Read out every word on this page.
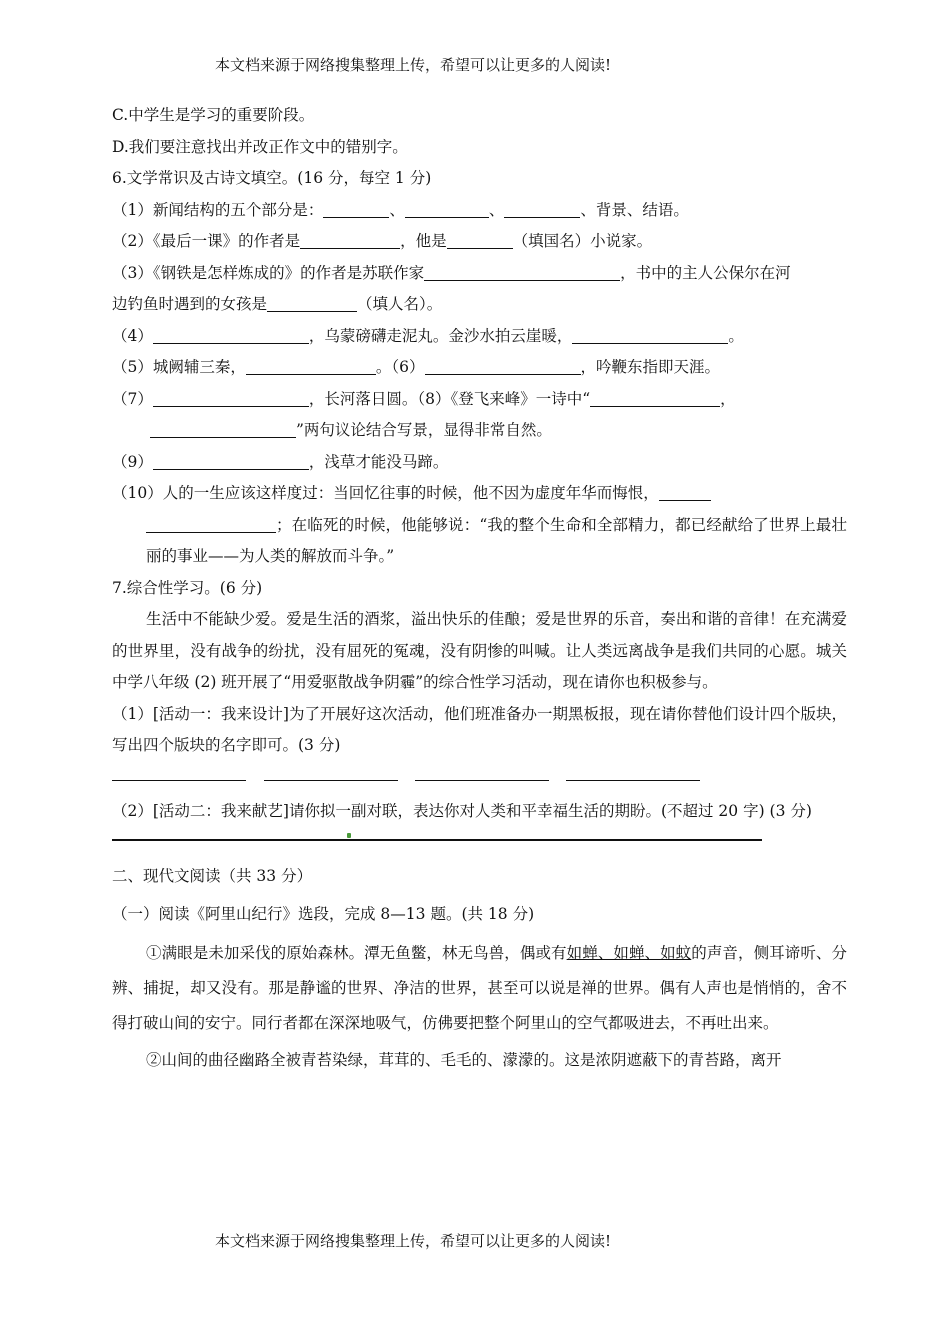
本文档来源于网络搜集整理上传，希望可以让更多的人阅读!
C.中学生是学习的重要阶段。
D.我们要注意找出并改正作文中的错别字。
6.文学常识及古诗文填空。(16 分，每空 1 分)
（1）新闻结构的五个部分是：	、	、	、背景、结语。
（2）《最后一课》的作者是	，他是	（填国名）小说家。
（3）《钢铁是怎样炼成的》的作者是苏联作家	，书中的主人公保尔在河
边钓鱼时遇到的女孩是	（填人名）。
（4）	，乌蒙磅礴走泥丸。金沙水拍云崖暖，	。
（5）城阙辅三秦，	。（6）	，吟鞭东指即天涯。
（7）	，长河落日圆。（8）《登飞来峰》一诗中“	，
”两句议论结合写景，显得非常自然。
（9）	，浅草才能没马蹄。
（10）人的一生应该这样度过：当回忆往事的时候，他不因为虚度年华而悔恨，
；在临死的时候，他能够说：“我的整个生命和全部精力，都已经献给了世界上最壮丽的事业——为人类的解放而斗争。”
7.综合性学习。(6 分)
生活中不能缺少爱。爱是生活的酒浆，溢出快乐的佳酿；爱是世界的乐音，奏出和谐的音律！在充满爱的世界里，没有战争的纷扰，没有屈死的冤魂，没有阴惨的叫喊。让人类远离战争是我们共同的心愿。城关中学八年级 (2) 班开展了“用爱驱散战争阴霾”的综合性学习活动，现在请你也积极参与。
（1）[活动一：我来设计]为了开展好这次活动，他们班准备办一期黑板报，现在请你替他们设计四个版块，写出四个版块的名字即可。(3 分)
（2）[活动二：我来献艺]请你拟一副对联，表达你对人类和平幸福生活的期盼。(不超过 20 字) (3 分)
二、现代文阅读（共 33 分）
（一）阅读《阿里山纪行》选段，完成 8—13 题。(共 18 分)
①满眼是未加采伐的原始森林。潭无鱼鳖，林无鸟兽，偶或有如蝉、如蝉、如蚊的声音，侧耳谛听、分辨、捕捉，却又没有。那是静谧的世界、净洁的世界，甚至可以说是禅的世界。偶有人声也是悄悄的，舍不得打破山间的安宁。同行者都在深深地吸气，仿佛要把整个阿里山的空气都吸进去，不再吐出来。
②山间的曲径幽路全被青苔染绿，茸茸的、毛毛的、濛濛的。这是浓阴遮蔽下的青苔路，离开
本文档来源于网络搜集整理上传，希望可以让更多的人阅读!
